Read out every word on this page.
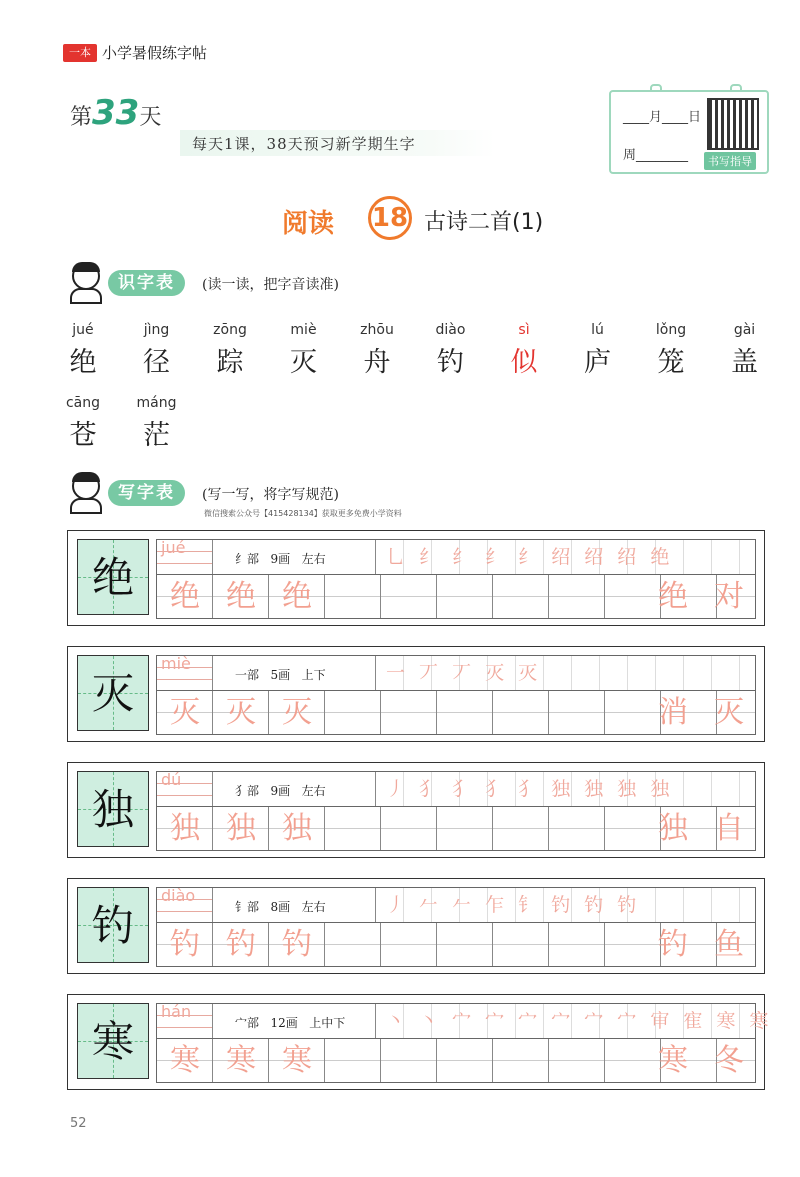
一本 小学暑假练字帖
第33天
每天1课，38天预习新学期生字
____月____日
周________	书写指导
阅读 18 古诗二首(1)
识字表	(读一读，把字音读准)
jué
绝
jìng
径
zōng
踪
miè
灭
zhōu
舟
diào
钓
sì
似
lú
庐
lǒng
笼
gài
盖
cāng
苍
máng
茫
写字表	(写一写，将字写规范)
微信搜索公众号【415428134】获取更多免费小学资料
绝
jué
纟部 9画 左右	乚 纟 纟 纟 纟 绍 绍 绍 绝
绝 绝 绝	绝 对
灭
miè
一部 5画 上下	一 丆 丆 灭 灭
灭 灭 灭	消 灭
独
dú
犭部 9画 左右	丿 犭 犭 犭 犭 独 独 独 独
独 独 独	独 自
钓
diào
钅部 8画 左右	丿 𠂉 𠂉 乍 钅 钓 钓 钓
钓 钓 钓	钓 鱼
寒
hán
宀部 12画 上中下 丶 丶 宀 宀 宀 宀 宀 宀 审 寉 寒 寒
寒 寒 寒	寒 冬
52
